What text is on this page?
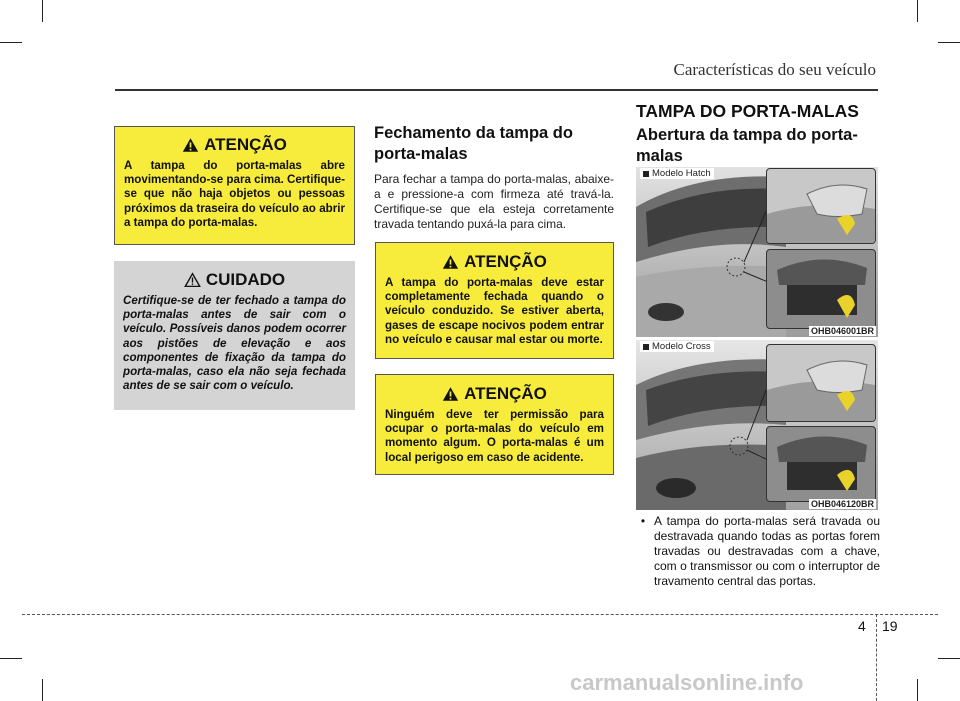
Características do seu veículo
ATENÇÃO
A tampa do porta-malas abre movimentando-se para cima. Certifique-se que não haja objetos ou pessoas próximos da traseira do veículo ao abrir a tampa do porta-malas.
CUIDADO
Certifique-se de ter fechado a tampa do porta-malas antes de sair com o veículo. Possíveis danos podem ocorrer aos pistões de elevação e aos componentes de fixação da tampa do porta-malas, caso ela não seja fechada antes de se sair com o veículo.
Fechamento da tampa do porta-malas
Para fechar a tampa do porta-malas, abaixe-a e pressione-a com firmeza até travá-la. Certifique-se que ela esteja corretamente travada tentando puxá-la para cima.
ATENÇÃO
A tampa do porta-malas deve estar completamente fechada quando o veículo conduzido. Se estiver aberta, gases de escape nocivos podem entrar no veículo e causar mal estar ou morte.
ATENÇÃO
Ninguém deve ter permissão para ocupar o porta-malas do veículo em momento algum. O porta-malas é um local perigoso em caso de acidente.
TAMPA DO PORTA-MALAS
Abertura da tampa do porta-malas
Modelo Hatch
OHB046001BR
Modelo Cross
OHB046120BR
• A tampa do porta-malas será travada ou destravada quando todas as portas forem travadas ou destravadas com a chave, com o transmissor ou com o interruptor de travamento central das portas.
4 19
carmanualsonline.info
